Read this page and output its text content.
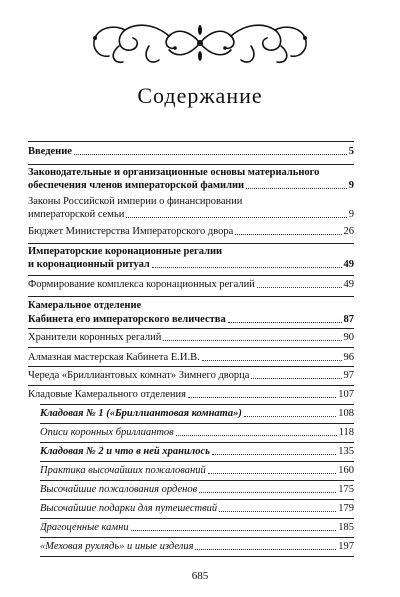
Содержание
Введение	5
Законодательные и организационные основы материального
обеспечения членов императорской фамилии	9
Законы Российской империи о финансировании
императорской семьи	9
Бюджет Министерства Императорского двора	26
Императорские коронационные регалии
и коронационный ритуал	49
Формирование комплекса коронационных регалий	49
Камеральное отделение
Кабинета его императорского величества	87
Хранители коронных регалий	90
Алмазная мастерская Кабинета Е.И.В.	96
Череда «Бриллиантовых комнат» Зимнего дворца	97
Кладовые Камерального отделения	107
Кладовая № 1 («Бриллиантовая комната»)	108
Описи коронных бриллиантов	118
Кладовая № 2 и что в ней хранилось	135
Практика высочайших пожалований	160
Высочайшие пожалования орденов	175
Высочайшие подарки для путешествий	179
Драгоценные камни	185
«Меховая рухлядь» и иные изделия	197
685
